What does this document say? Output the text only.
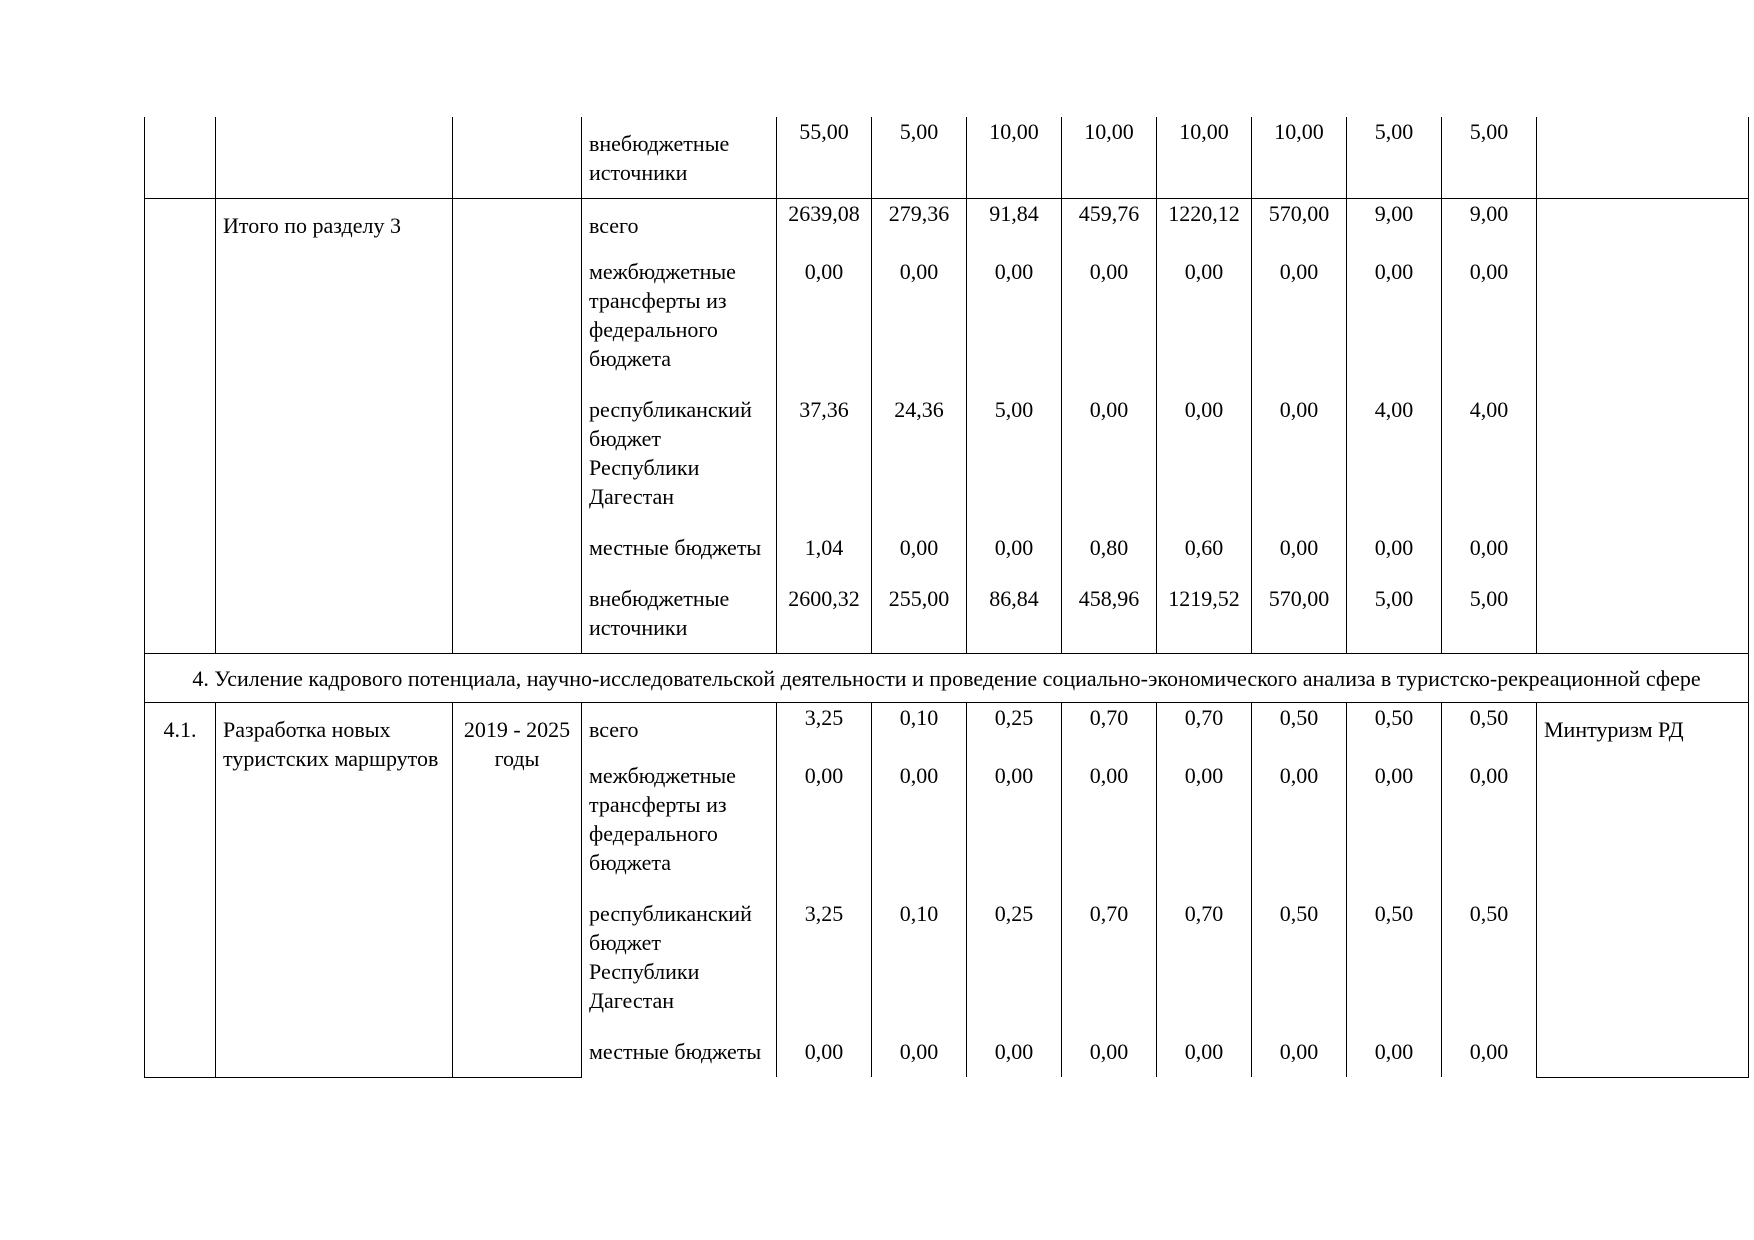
			внебюджетные источники	55,00	5,00	10,00	10,00	10,00	10,00	5,00	5,00	
	Итого по разделу 3		всего	2639,08	279,36	91,84	459,76	1220,12	570,00	9,00	9,00	
			межбюджетные трансферты из федерального бюджета	0,00	0,00	0,00	0,00	0,00	0,00	0,00	0,00	
			республиканский бюджет Республики Дагестан	37,36	24,36	5,00	0,00	0,00	0,00	4,00	4,00	
			местные бюджеты	1,04	0,00	0,00	0,80	0,60	0,00	0,00	0,00	
			внебюджетные источники	2600,32	255,00	86,84	458,96	1219,52	570,00	5,00	5,00	
4. Усиление кадрового потенциала, научно-исследовательской деятельности и проведение социально-экономического анализа в туристско-рекреационной сфере												
4.1.	Разработка новых туристских маршрутов	2019 - 2025 годы	всего	3,25	0,10	0,25	0,70	0,70	0,50	0,50	0,50	Минтуризм РД
			межбюджетные трансферты из федерального бюджета	0,00	0,00	0,00	0,00	0,00	0,00	0,00	0,00	
			республиканский бюджет Республики Дагестан	3,25	0,10	0,25	0,70	0,70	0,50	0,50	0,50	
			местные бюджеты	0,00	0,00	0,00	0,00	0,00	0,00	0,00	0,00	
